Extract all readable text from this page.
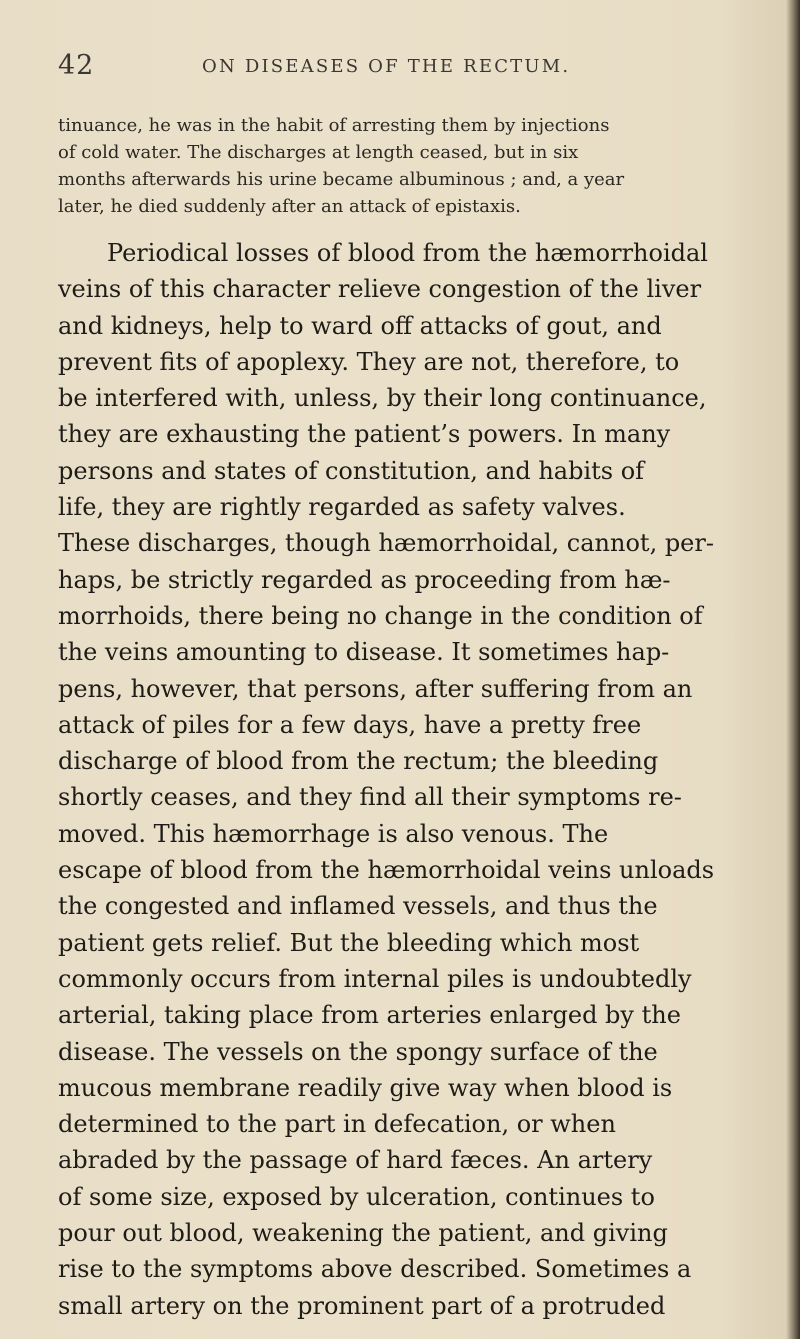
42	ON DISEASES OF THE RECTUM.
tinuance, he was in the habit of arresting them by injections
of cold water. The discharges at length ceased, but in six
months afterwards his urine became albuminous ; and, a year
later, he died suddenly after an attack of epistaxis.
Periodical losses of blood from the hæmorrhoidal
veins of this character relieve congestion of the liver
and kidneys, help to ward off attacks of gout, and
prevent fits of apoplexy. They are not, therefore, to
be interfered with, unless, by their long continuance,
they are exhausting the patient’s powers. In many
persons and states of constitution, and habits of
life, they are rightly regarded as safety valves.
These discharges, though hæmorrhoidal, cannot, per-
haps, be strictly regarded as proceeding from hæ-
morrhoids, there being no change in the condition of
the veins amounting to disease. It sometimes hap-
pens, however, that persons, after suffering from an
attack of piles for a few days, have a pretty free
discharge of blood from the rectum; the bleeding
shortly ceases, and they find all their symptoms re-
moved. This hæmorrhage is also venous. The
escape of blood from the hæmorrhoidal veins unloads
the congested and inflamed vessels, and thus the
patient gets relief. But the bleeding which most
commonly occurs from internal piles is undoubtedly
arterial, taking place from arteries enlarged by the
disease. The vessels on the spongy surface of the
mucous membrane readily give way when blood is
determined to the part in defecation, or when
abraded by the passage of hard fæces. An artery
of some size, exposed by ulceration, continues to
pour out blood, weakening the patient, and giving
rise to the symptoms above described. Sometimes a
small artery on the prominent part of a protruded
